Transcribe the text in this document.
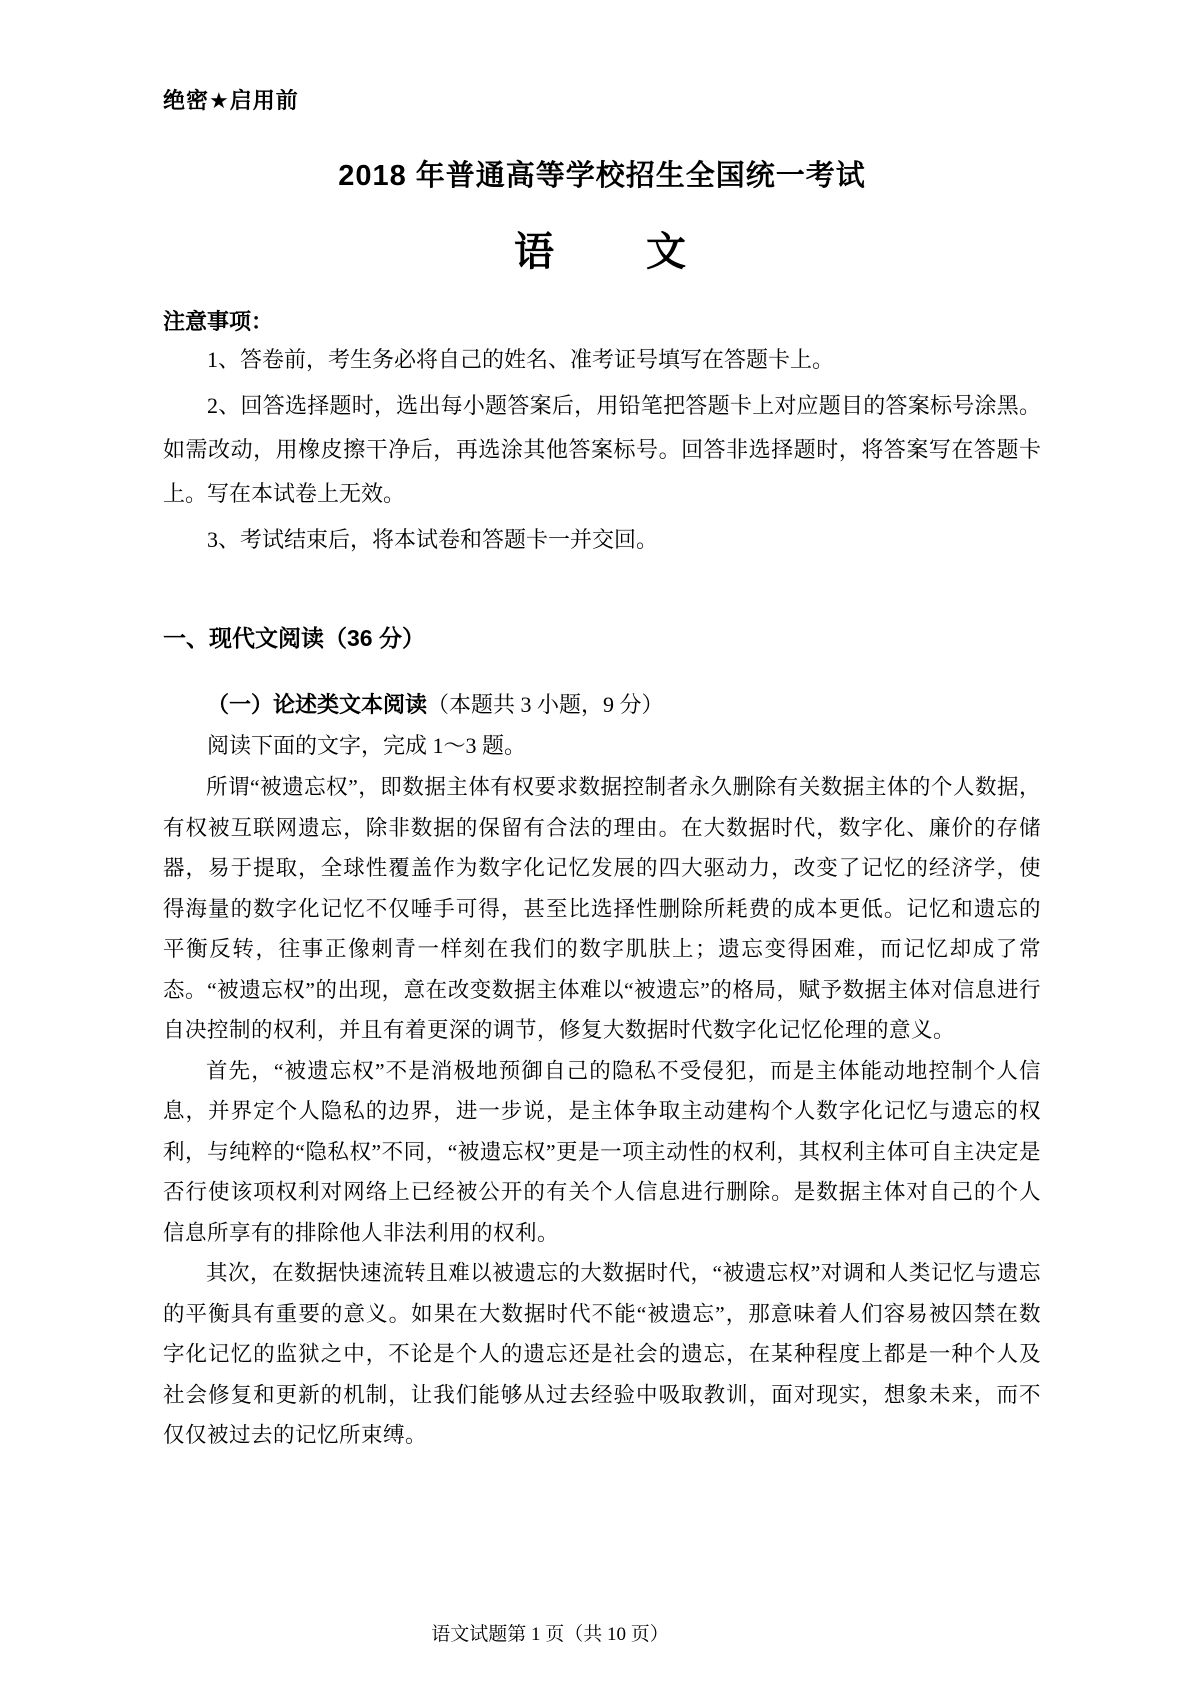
绝密★启用前
2018 年普通高等学校招生全国统一考试
语　　文
注意事项：
1、答卷前，考生务必将自己的姓名、准考证号填写在答题卡上。
2、回答选择题时，选出每小题答案后，用铅笔把答题卡上对应题目的答案标号涂黑。如需改动，用橡皮擦干净后，再选涂其他答案标号。回答非选择题时，将答案写在答题卡上。写在本试卷上无效。
3、考试结束后，将本试卷和答题卡一并交回。
一、现代文阅读（36 分）
（一）论述类文本阅读（本题共 3 小题，9 分）
阅读下面的文字，完成 1～3 题。
所谓“被遗忘权”，即数据主体有权要求数据控制者永久删除有关数据主体的个人数据，有权被互联网遗忘，除非数据的保留有合法的理由。在大数据时代，数字化、廉价的存储器，易于提取，全球性覆盖作为数字化记忆发展的四大驱动力，改变了记忆的经济学，使得海量的数字化记忆不仅唾手可得，甚至比选择性删除所耗费的成本更低。记忆和遗忘的平衡反转，往事正像刺青一样刻在我们的数字肌肤上；遗忘变得困难，而记忆却成了常态。“被遗忘权”的出现，意在改变数据主体难以“被遗忘”的格局，赋予数据主体对信息进行自决控制的权利，并且有着更深的调节，修复大数据时代数字化记忆伦理的意义。
首先，“被遗忘权”不是消极地预御自己的隐私不受侵犯，而是主体能动地控制个人信息，并界定个人隐私的边界，进一步说，是主体争取主动建构个人数字化记忆与遗忘的权利，与纯粹的“隐私权”不同，“被遗忘权”更是一项主动性的权利，其权利主体可自主决定是否行使该项权利对网络上已经被公开的有关个人信息进行删除。是数据主体对自己的个人信息所享有的排除他人非法利用的权利。
其次，在数据快速流转且难以被遗忘的大数据时代，“被遗忘权”对调和人类记忆与遗忘的平衡具有重要的意义。如果在大数据时代不能“被遗忘”，那意味着人们容易被囚禁在数字化记忆的监狱之中，不论是个人的遗忘还是社会的遗忘，在某种程度上都是一种个人及社会修复和更新的机制，让我们能够从过去经验中吸取教训，面对现实，想象未来，而不仅仅被过去的记忆所束缚。
语文试题第 1 页（共 10 页）
